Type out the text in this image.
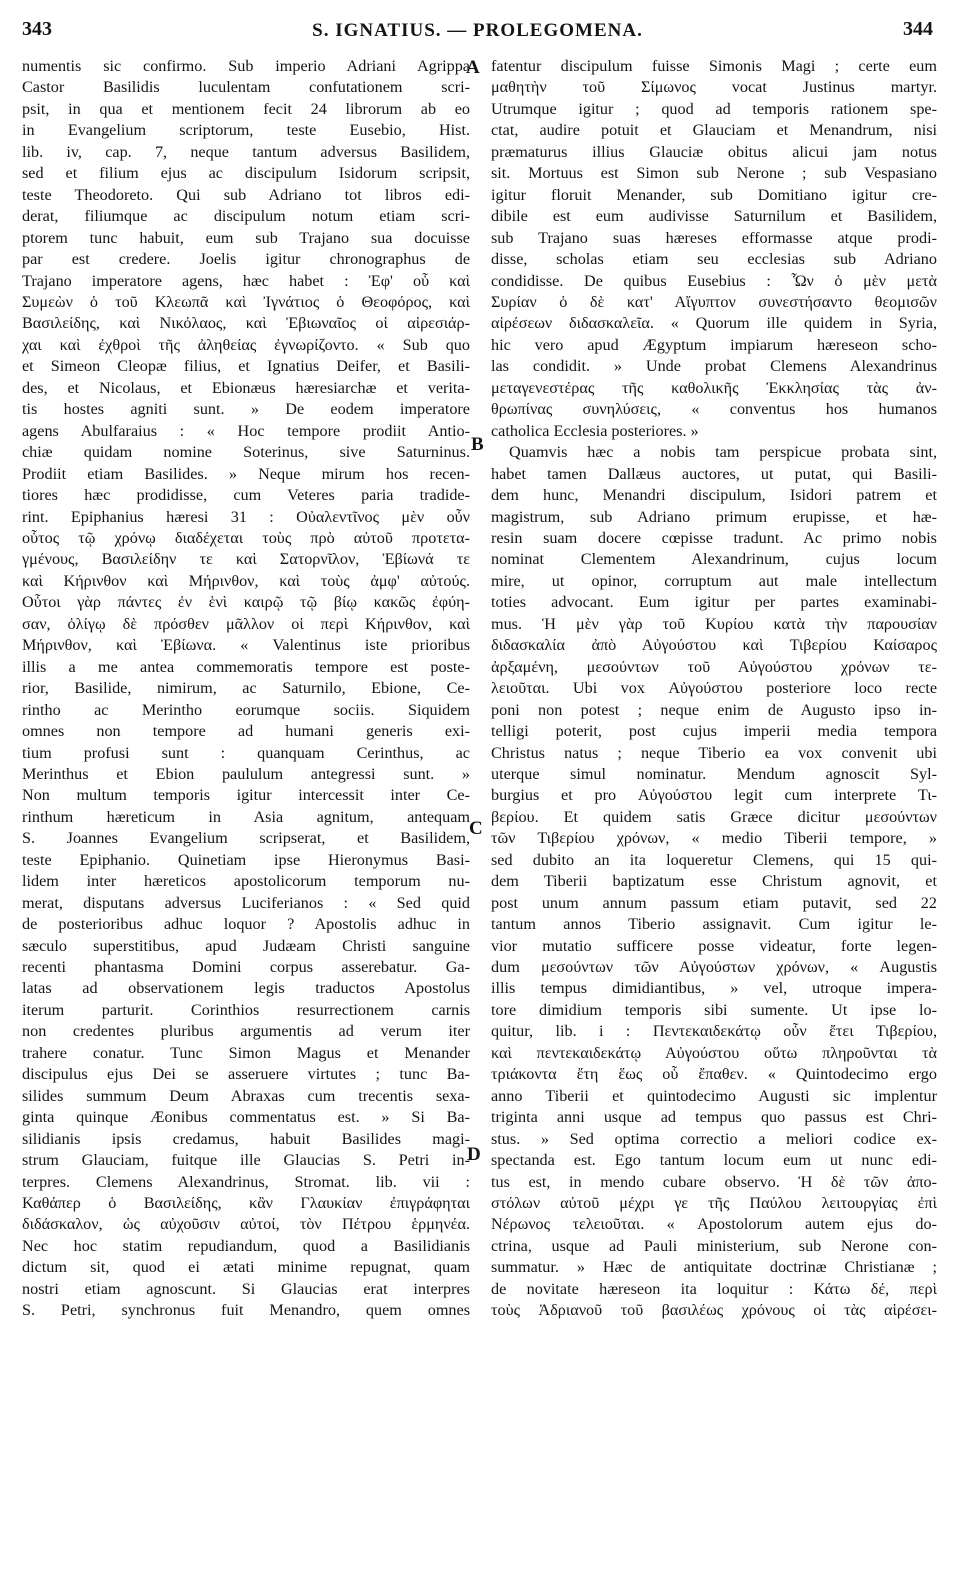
343	S. IGNATIUS. — PROLEGOMENA.	344
numentis sic confirmo. Sub imperio Adriani Agrippa
Castor Basilidis luculentam confutationem scri-
psit, in qua et mentionem fecit 24 librorum ab eo
in Evangelium scriptorum, teste Eusebio, Hist.
lib. iv, cap. 7, neque tantum adversus Basilidem,
sed et filium ejus ac discipulum Isidorum scripsit,
teste Theodoreto. Qui sub Adriano tot libros edi-
derat, filiumque ac discipulum notum etiam scri-
ptorem tunc habuit, eum sub Trajano sua docuisse
par est credere. Joelis igitur chronographus de
Trajano imperatore agens, hæc habet : Ἐφ' οὗ καὶ
Συμεὼν ὁ τοῦ Κλεωπᾶ καὶ Ἰγνάτιος ὁ Θεοφόρος, καὶ
Βασιλείδης, καὶ Νικόλαος, καὶ Ἐβιωναῖος οἱ αἱρεσιάρ-
χαι καὶ ἐχθροὶ τῆς ἀληθείας ἐγνωρίζοντο. « Sub quo
et Simeon Cleopæ filius, et Ignatius Deifer, et Basili-
des, et Nicolaus, et Ebionæus hæresiarchæ et verita-
tis hostes agniti sunt. » De eodem imperatore
agens Abulfaraius : « Hoc tempore prodiit Antio-
chiæ quidam nomine Soterinus, sive Saturninus.
Prodiit etiam Basilides. » Neque mirum hos recen-
tiores hæc prodidisse, cum Veteres paria tradide-
rint. Epiphanius hæresi 31 : Οὐαλεντῖνος μὲν οὖν
οὗτος τῷ χρόνῳ διαδέχεται τοὺς πρὸ αὐτοῦ προτετα-
γμένους, Βασιλείδην τε καὶ Σατορνῖλον, Ἐβίωνά τε
καὶ Κήρινθον καὶ Μήρινθον, καὶ τοὺς ἀμφ' αὐτούς.
Οὗτοι γὰρ πάντες ἐν ἑνὶ καιρῷ τῷ βίῳ κακῶς ἐφύη-
σαν, ὀλίγῳ δὲ πρόσθεν μᾶλλον οἱ περὶ Κήρινθον, καὶ
Μήρινθον, καὶ Ἐβίωνα. « Valentinus iste prioribus
illis a me antea commemoratis tempore est poste-
rior, Basilide, nimirum, ac Saturnilo, Ebione, Ce-
rintho ac Merintho eorumque sociis. Siquidem
omnes non tempore ad humani generis exi-
tium profusi sunt : quanquam Cerinthus, ac
Merinthus et Ebion paululum antegressi sunt. »
Non multum temporis igitur intercessit inter Ce-
rinthum hæreticum in Asia agnitum, antequam
S. Joannes Evangelium scripserat, et Basilidem,
teste Epiphanio. Quinetiam ipse Hieronymus Basi-
lidem inter hæreticos apostolicorum temporum nu-
merat, disputans adversus Luciferianos : « Sed quid
de posterioribus adhuc loquor ? Apostolis adhuc in
sæculo superstitibus, apud Judæam Christi sanguine
recenti phantasma Domini corpus asserebatur. Ga-
latas ad observationem legis traductos Apostolus
iterum parturit. Corinthios resurrectionem carnis
non credentes pluribus argumentis ad verum iter
trahere conatur. Tunc Simon Magus et Menander
discipulus ejus Dei se asseruere virtutes ; tunc Ba-
silides summum Deum Abraxas cum trecentis sexa-
ginta quinque Æonibus commentatus est. » Si Ba-
silidianis ipsis credamus, habuit Basilides magi-
strum Glauciam, fuitque ille Glaucias S. Petri in-
terpres. Clemens Alexandrinus, Stromat. lib. vii :
Καθάπερ ὁ Βασιλείδης, κἂν Γλαυκίαν ἐπιγράφηται
διδάσκαλον, ὡς αὐχοῦσιν αὐτοί, τὸν Πέτρου ἑρμηνέα.
Nec hoc statim repudiandum, quod a Basilidianis
dictum sit, quod ei ætati minime repugnat, quam
nostri etiam agnoscunt. Si Glaucias erat interpres
S. Petri, synchronus fuit Menandro, quem omnes
fatentur discipulum fuisse Simonis Magi ; certe eum
μαθητὴν τοῦ Σίμωνος vocat Justinus martyr.
Utrumque igitur ; quod ad temporis rationem spe-
ctat, audire potuit et Glauciam et Menandrum, nisi
præmaturus illius Glauciæ obitus alicui jam notus
sit. Mortuus est Simon sub Nerone ; sub Vespasiano
igitur floruit Menander, sub Domitiano igitur cre-
dibile est eum audivisse Saturnilum et Basilidem,
sub Trajano suas hæreses efformasse atque prodi-
disse, scholas etiam seu ecclesias sub Adriano
condidisse. De quibus Eusebius : Ὧν ὁ μὲν μετὰ
Συρίαν ὁ δὲ κατ' Αἴγυπτον συνεστήσαντο θεομισῶν
αἱρέσεων διδασκαλεῖα. « Quorum ille quidem in Syria,
hic vero apud Ægyptum impiarum hæreseon scho-
las condidit. » Unde probat Clemens Alexandrinus
μεταγενεστέρας τῆς καθολικῆς Ἐκκλησίας τὰς ἀν-
θρωπίνας συνηλύσεις, « conventus hos humanos
catholica Ecclesia posteriores. »
Quamvis hæc a nobis tam perspicue probata sint,
habet tamen Dallæus auctores, ut putat, qui Basili-
dem hunc, Menandri discipulum, Isidori patrem et
magistrum, sub Adriano primum erupisse, et hæ-
resin suam docere cœpisse tradunt. Ac primo nobis
nominat Clementem Alexandrinum, cujus locum
mire, ut opinor, corruptum aut male intellectum
toties advocant. Eum igitur per partes examinabi-
mus. Ἡ μὲν γὰρ τοῦ Κυρίου κατὰ τὴν παρουσίαν
διδασκαλία ἀπὸ Αὐγούστου καὶ Τιβερίου Καίσαρος
ἀρξαμένη, μεσούντων τοῦ Αὐγούστου χρόνων τε-
λειοῦται. Ubi vox Αὐγούστου posteriore loco recte
poni non potest ; neque enim de Augusto ipso in-
telligi poterit, post cujus imperii media tempora
Christus natus ; neque Tiberio ea vox convenit ubi
uterque simul nominatur. Mendum agnoscit Syl-
burgius et pro Αὐγούστου legit cum interprete Τι-
βερίου. Et quidem satis Græce dicitur μεσούντων
τῶν Τιβερίου χρόνων, « medio Tiberii tempore, »
sed dubito an ita loqueretur Clemens, qui 15 qui-
dem Tiberii baptizatum esse Christum agnovit, et
post unum annum passum etiam putavit, sed 22
tantum annos Tiberio assignavit. Cum igitur le-
vior mutatio sufficere posse videatur, forte legen-
dum μεσούντων τῶν Αὐγούστων χρόνων, « Augustis
illis tempus dimidiantibus, » vel, utroque impera-
tore dimidium temporis sibi sumente. Ut ipse lo-
quitur, lib. i : Πεντεκαιδεκάτῳ οὖν ἔτει Τιβερίου,
καὶ πεντεκαιδεκάτῳ Αὐγούστου οὕτω πληροῦνται τὰ
τριάκοντα ἔτη ἕως οὗ ἔπαθεν. « Quintodecimo ergo
anno Tiberii et quintodecimo Augusti sic implentur
triginta anni usque ad tempus quo passus est Chri-
stus. » Sed optima correctio a meliori codice ex-
spectanda est. Ego tantum locum eum ut nunc edi-
tus est, in mendo cubare observo. Ἡ δὲ τῶν ἀπο-
στόλων αὐτοῦ μέχρι γε τῆς Παύλου λειτουργίας ἐπὶ
Νέρωνος τελειοῦται. « Apostolorum autem ejus do-
ctrina, usque ad Pauli ministerium, sub Nerone con-
summatur. » Hæc de antiquitate doctrinæ Christianæ ;
de novitate hæreseon ita loquitur : Κάτω δέ, περὶ
τοὺς Ἀδριανοῦ τοῦ βασιλέως χρόνους οἱ τὰς αἱρέσει-
A
B
C
D
